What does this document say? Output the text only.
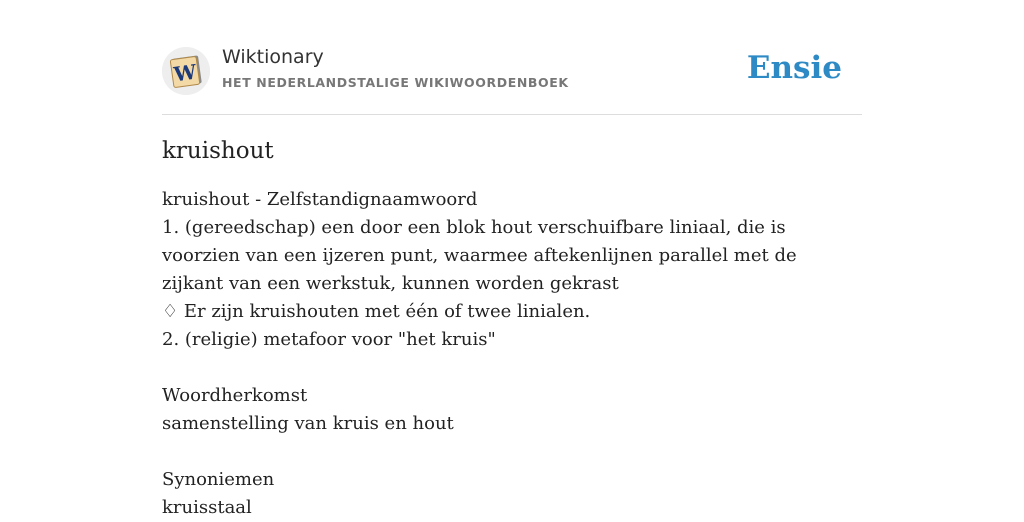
W
Wiktionary
HET NEDERLANDSTALIGE WIKIWOORDENBOEK	Ensie
kruishout
kruishout - Zelfstandignaamwoord
1. (gereedschap) een door een blok hout verschuifbare liniaal, die is voorzien van een ijzeren punt, waarmee aftekenlijnen parallel met de zijkant van een werkstuk, kunnen worden gekrast
♢ Er zijn kruishouten met één of twee linialen.
2. (religie) metafoor voor "het kruis"
Woordherkomst
samenstelling van kruis en hout
Synoniemen
kruisstaal
